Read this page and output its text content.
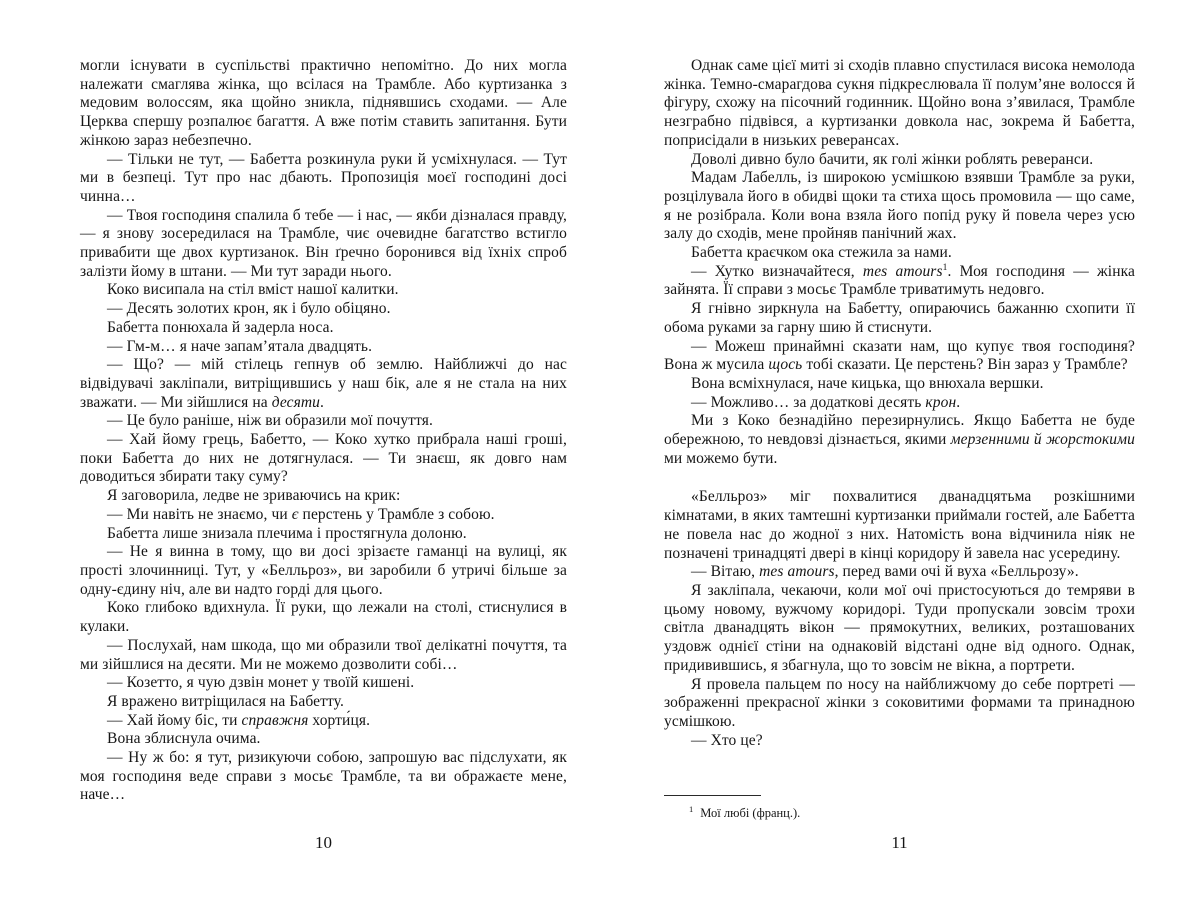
могли існувати в суспільстві практично непомітно. До них могла належати смаглява жінка, що всілася на Трамбле. Або куртизанка з медовим волоссям, яка щойно зникла, піднявшись сходами. — Але Церква спершу розпалює багаття. А вже потім ставить запитання. Бути жінкою зараз небезпечно.

— Тільки не тут, — Бабетта розкинула руки й усміхнулася. — Тут ми в безпеці. Тут про нас дбають. Пропозиція моєї господині досі чинна…

— Твоя господиня спалила б тебе — і нас, — якби дізналася правду, — я знову зосередилася на Трамбле, чиє очевидне багатство встигло привабити ще двох куртизанок. Він ґречно боронився від їхніх спроб залізти йому в штани. — Ми тут заради нього.

Коко висипала на стіл вміст нашої калитки.

— Десять золотих крон, як і було обіцяно.

Бабетта понюхала й задерла носа.

— Гм-м… я наче запам’ятала двадцять.

— Що? — мій стілець гепнув об землю. Найближчі до нас відвідувачі закліпали, витріщившись у наш бік, але я не стала на них зважати. — Ми зійшлися на десяти.

— Це було раніше, ніж ви образили мої почуття.

— Хай йому грець, Бабетто, — Коко хутко прибрала наші гроші, поки Бабетта до них не дотягнулася. — Ти знаєш, як довго нам доводиться збирати таку суму?

Я заговорила, ледве не зриваючись на крик:

— Ми навіть не знаємо, чи є перстень у Трамбле з собою.

Бабетта лише знизала плечима і простягнула долоню.

— Не я винна в тому, що ви досі зрізаєте гаманці на вулиці, як прості злочинниці. Тут, у «Белльроз», ви заробили б утричі більше за одну-єдину ніч, але ви надто горді для цього.

Коко глибоко вдихнула. Її руки, що лежали на столі, стиснулися в кулаки.

— Послухай, нам шкода, що ми образили твої делікатні почуття, та ми зійшлися на десяти. Ми не можемо дозволити собі…

— Козетто, я чую дзвін монет у твоїй кишені.

Я вражено витріщилася на Бабетту.

— Хай йому біс, ти справжня хорти́ця.

Вона зблиснула очима.

— Ну ж бо: я тут, ризикуючи собою, запрошую вас підслухати, як моя господиня веде справи з мосьє Трамбле, та ви ображаєте мене, наче…

10

Однак саме цієї миті зі сходів плавно спустилася висока немолода жінка. Темно-смарагдова сукня підкреслювала її полум’яне волосся й фігуру, схожу на пісочний годинник. Щойно вона з’явилася, Трамбле незграбно підвівся, а куртизанки довкола нас, зокрема й Бабетта, поприсідали в низьких реверансах.

Доволі дивно було бачити, як голі жінки роблять реверанси.

Мадам Лабелль, із широкою усмішкою взявши Трамбле за руки, розцілувала його в обидві щоки та стиха щось промовила — що саме, я не розібрала. Коли вона взяла його попід руку й повела через усю залу до сходів, мене пройняв панічний жах.

Бабетта краєчком ока стежила за нами.

— Хутко визначайтеся, mes amours$^1$. Моя господиня — жінка зайнята. Її справи з мосьє Трамбле триватимуть недовго.

Я гнівно зиркнула на Бабетту, опираючись бажанню схопити її обома руками за гарну шию й стиснути.

— Можеш принаймні сказати нам, що купує твоя господиня? Вона ж мусила щось тобі сказати. Це перстень? Він зараз у Трамбле?

Вона всміхнулася, наче кицька, що внюхала вершки.

— Можливо… за додаткові десять крон.

Ми з Коко безнадійно перезирнулись. Якщо Бабетта не буде обережною, то невдовзі дізнається, якими мерзенними й жорстокими ми можемо бути.

«Белльроз» міг похвалитися дванадцятьма розкішними кімнатами, в яких тамтешні куртизанки приймали гостей, але Бабетта не повела нас до жодної з них. Натомість вона відчинила ніяк не позначені тринадцяті двері в кінці коридору й завела нас усередину.

— Вітаю, mes amours, перед вами очі й вуха «Белльрозу».

Я закліпала, чекаючи, коли мої очі пристосуються до темряви в цьому новому, вужчому коридорі. Туди пропускали зовсім трохи світла дванадцять вікон — прямокутних, великих, розташованих уздовж однієї стіни на однаковій відстані одне від одного. Однак, придивившись, я збагнула, що то зовсім не вікна, а портрети.

Я провела пальцем по носу на найближчому до себе портреті — зображенні прекрасної жінки з соковитими формами та принадною усмішкою.

— Хто це?

$^1$ Мої любі (франц.).
11
